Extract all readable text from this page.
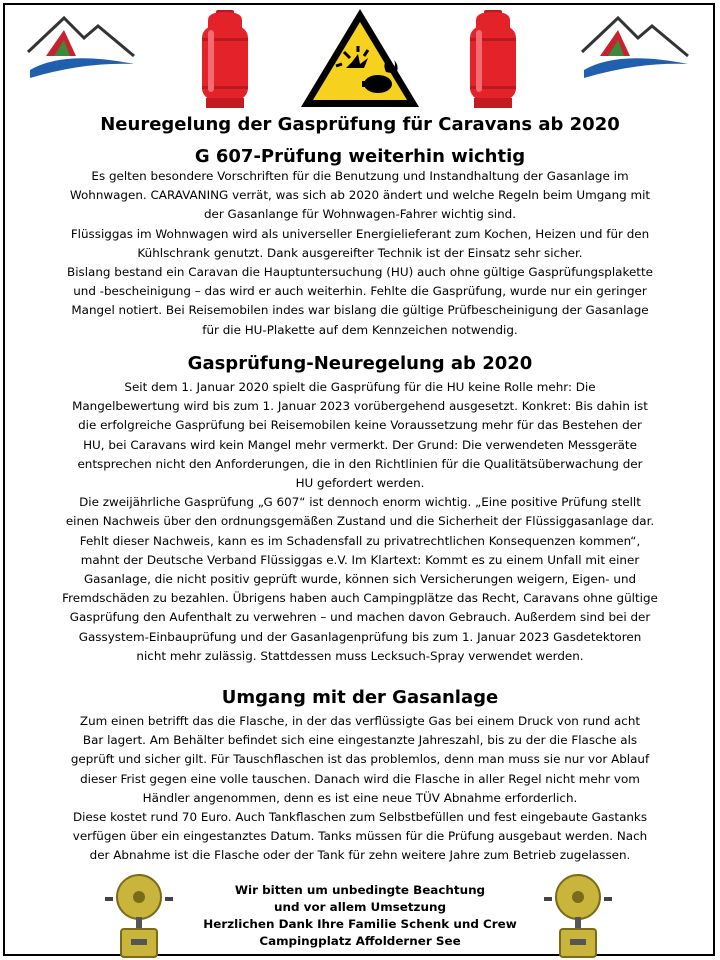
Neuregelung der Gasprüfung für Caravans ab 2020
G 607-Prüfung weiterhin wichtig
Es gelten besondere Vorschriften für die Benutzung und Instandhaltung der Gasanlage im
Wohnwagen. CARAVANING verrät, was sich ab 2020 ändert und welche Regeln beim Umgang mit
der Gasanlange für Wohnwagen-Fahrer wichtig sind.
Flüssiggas im Wohnwagen wird als universeller Energielieferant zum Kochen, Heizen und für den
Kühlschrank genutzt. Dank ausgereifter Technik ist der Einsatz sehr sicher.
Bislang bestand ein Caravan die Hauptuntersuchung (HU) auch ohne gültige Gasprüfungsplakette
und -bescheinigung – das wird er auch weiterhin. Fehlte die Gasprüfung, wurde nur ein geringer
Mangel notiert. Bei Reisemobilen indes war bislang die gültige Prüfbescheinigung der Gasanlage
für die HU-Plakette auf dem Kennzeichen notwendig.
Gasprüfung-Neuregelung ab 2020
Seit dem 1. Januar 2020 spielt die Gasprüfung für die HU keine Rolle mehr: Die
Mangelbewertung wird bis zum 1. Januar 2023 vorübergehend ausgesetzt. Konkret: Bis dahin ist
die erfolgreiche Gasprüfung bei Reisemobilen keine Voraussetzung mehr für das Bestehen der
HU, bei Caravans wird kein Mangel mehr vermerkt. Der Grund: Die verwendeten Messgeräte
entsprechen nicht den Anforderungen, die in den Richtlinien für die Qualitätsüberwachung der
HU gefordert werden.
Die zweijährliche Gasprüfung „G 607“ ist dennoch enorm wichtig. „Eine positive Prüfung stellt
einen Nachweis über den ordnungsgemäßen Zustand und die Sicherheit der Flüssiggasanlage dar.
Fehlt dieser Nachweis, kann es im Schadensfall zu privatrechtlichen Konsequenzen kommen“,
mahnt der Deutsche Verband Flüssiggas e.V. Im Klartext: Kommt es zu einem Unfall mit einer
Gasanlage, die nicht positiv geprüft wurde, können sich Versicherungen weigern, Eigen- und
Fremdschäden zu bezahlen. Übrigens haben auch Campingplätze das Recht, Caravans ohne gültige
Gasprüfung den Aufenthalt zu verwehren – und machen davon Gebrauch. Außerdem sind bei der
Gassystem-Einbauprüfung und der Gasanlagenprüfung bis zum 1. Januar 2023 Gasdetektoren
nicht mehr zulässig. Stattdessen muss Lecksuch-Spray verwendet werden.
Umgang mit der Gasanlage
Zum einen betrifft das die Flasche, in der das verflüssigte Gas bei einem Druck von rund acht
Bar lagert. Am Behälter befindet sich eine eingestanzte Jahreszahl, bis zu der die Flasche als
geprüft und sicher gilt. Für Tauschflaschen ist das problemlos, denn man muss sie nur vor Ablauf
dieser Frist gegen eine volle tauschen. Danach wird die Flasche in aller Regel nicht mehr vom
Händler angenommen, denn es ist eine neue TÜV Abnahme erforderlich.
Diese kostet rund 70 Euro. Auch Tankflaschen zum Selbstbefüllen und fest eingebaute Gastanks
verfügen über ein eingestanztes Datum. Tanks müssen für die Prüfung ausgebaut werden. Nach
der Abnahme ist die Flasche oder der Tank für zehn weitere Jahre zum Betrieb zugelassen.
Wir bitten um unbedingte Beachtung
und vor allem Umsetzung
Herzlichen Dank Ihre Familie Schenk und Crew
Campingplatz Affolderner See
